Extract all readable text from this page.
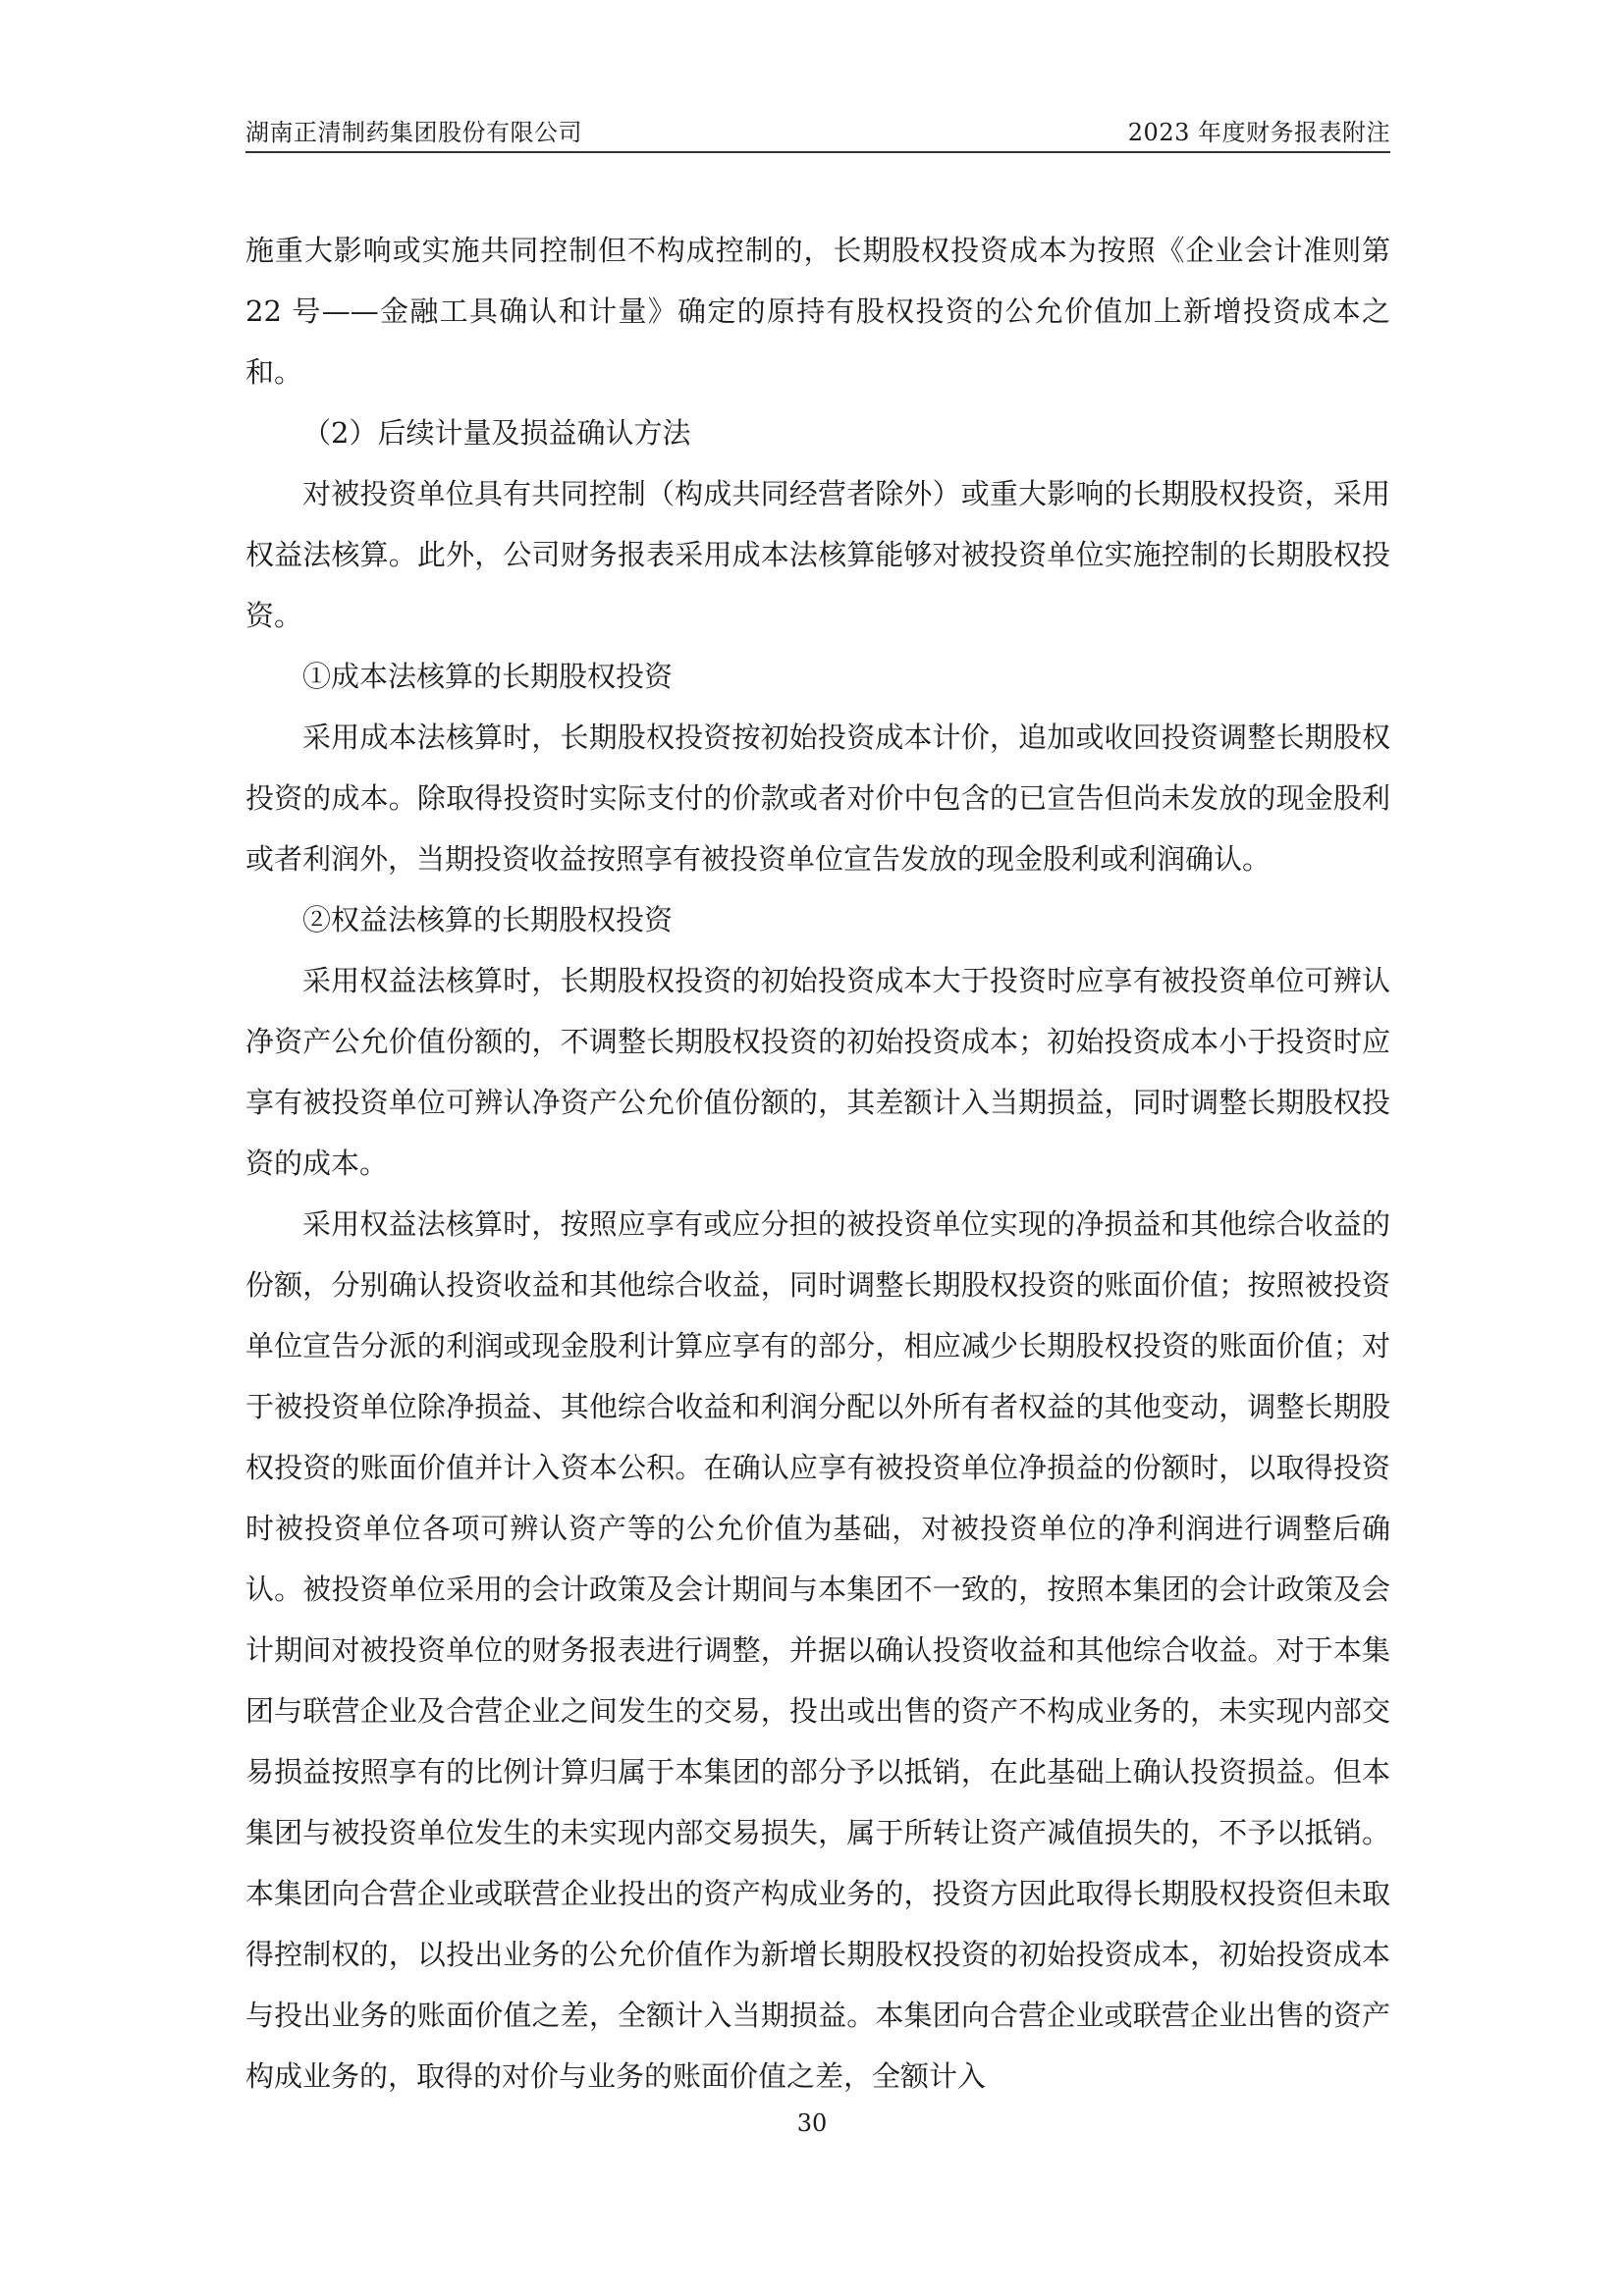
湖南正清制药集团股份有限公司	2023 年度财务报表附注

施重大影响或实施共同控制但不构成控制的，长期股权投资成本为按照《企业会计准则第 22 号——金融工具确认和计量》确定的原持有股权投资的公允价值加上新增投资成本之和。

（2）后续计量及损益确认方法

对被投资单位具有共同控制（构成共同经营者除外）或重大影响的长期股权投资，采用权益法核算。此外，公司财务报表采用成本法核算能够对被投资单位实施控制的长期股权投资。

①成本法核算的长期股权投资

采用成本法核算时，长期股权投资按初始投资成本计价，追加或收回投资调整长期股权投资的成本。除取得投资时实际支付的价款或者对价中包含的已宣告但尚未发放的现金股利或者利润外，当期投资收益按照享有被投资单位宣告发放的现金股利或利润确认。

②权益法核算的长期股权投资

采用权益法核算时，长期股权投资的初始投资成本大于投资时应享有被投资单位可辨认净资产公允价值份额的，不调整长期股权投资的初始投资成本；初始投资成本小于投资时应享有被投资单位可辨认净资产公允价值份额的，其差额计入当期损益，同时调整长期股权投资的成本。

采用权益法核算时，按照应享有或应分担的被投资单位实现的净损益和其他综合收益的份额，分别确认投资收益和其他综合收益，同时调整长期股权投资的账面价值；按照被投资单位宣告分派的利润或现金股利计算应享有的部分，相应减少长期股权投资的账面价值；对于被投资单位除净损益、其他综合收益和利润分配以外所有者权益的其他变动，调整长期股权投资的账面价值并计入资本公积。在确认应享有被投资单位净损益的份额时，以取得投资时被投资单位各项可辨认资产等的公允价值为基础，对被投资单位的净利润进行调整后确认。被投资单位采用的会计政策及会计期间与本集团不一致的，按照本集团的会计政策及会计期间对被投资单位的财务报表进行调整，并据以确认投资收益和其他综合收益。对于本集团与联营企业及合营企业之间发生的交易，投出或出售的资产不构成业务的，未实现内部交易损益按照享有的比例计算归属于本集团的部分予以抵销，在此基础上确认投资损益。但本集团与被投资单位发生的未实现内部交易损失，属于所转让资产减值损失的，不予以抵销。本集团向合营企业或联营企业投出的资产构成业务的，投资方因此取得长期股权投资但未取得控制权的，以投出业务的公允价值作为新增长期股权投资的初始投资成本，初始投资成本与投出业务的账面价值之差，全额计入当期损益。本集团向合营企业或联营企业出售的资产构成业务的，取得的对价与业务的账面价值之差，全额计入

30
